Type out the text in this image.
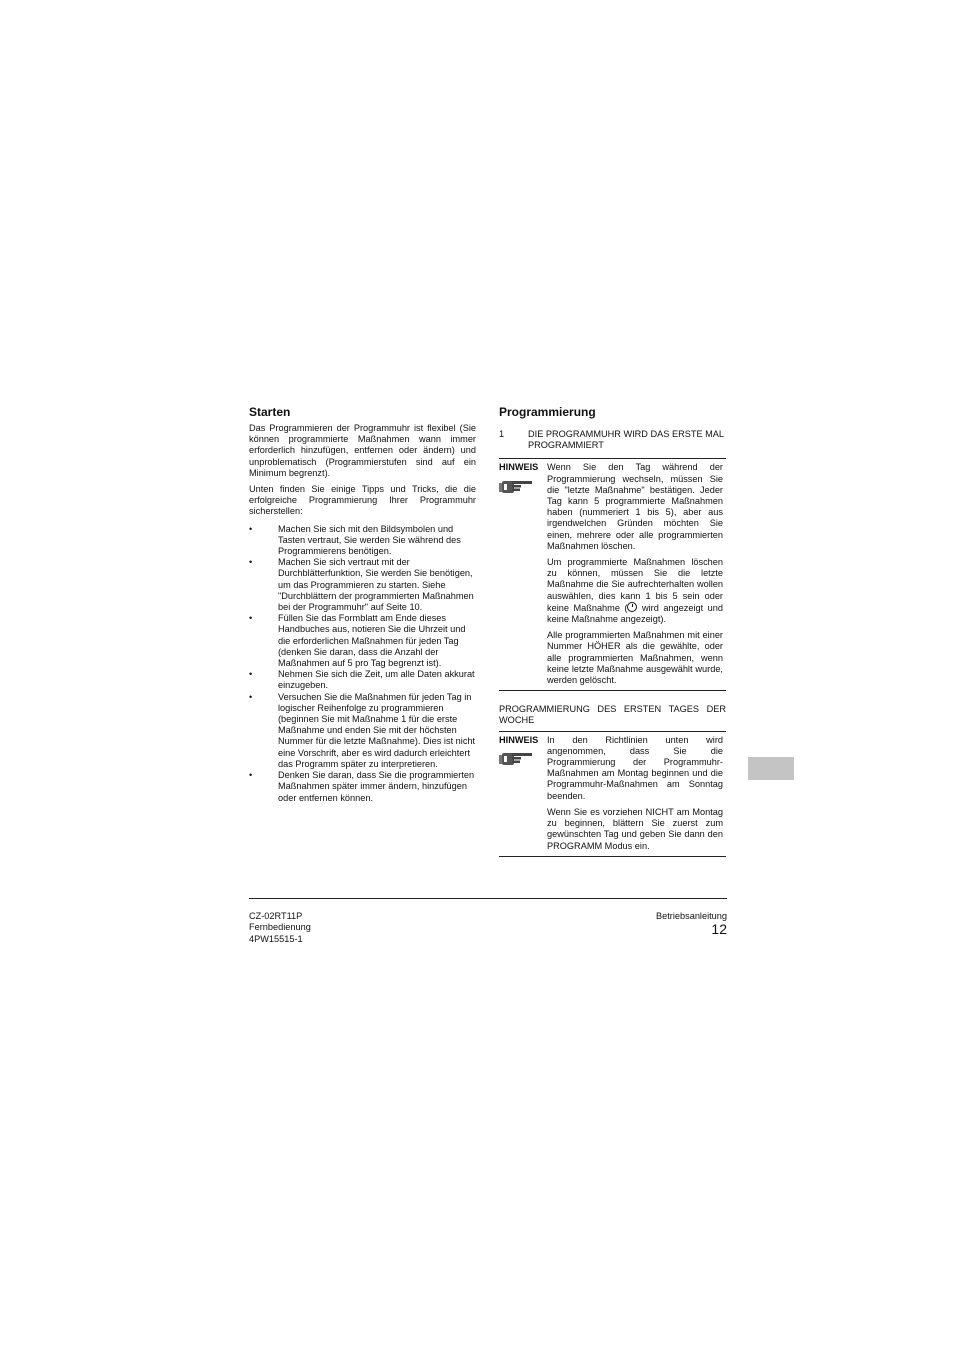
Starten

Das Programmieren der Programmuhr ist flexibel (Sie können programmierte Maßnahmen wann immer erforderlich hinzufügen, entfernen oder ändern) und unproblematisch (Programmierstufen sind auf ein Minimum begrenzt).

Unten finden Sie einige Tipps und Tricks, die die erfolgreiche Programmierung Ihrer Programmuhr sicherstellen:

•	Machen Sie sich mit den Bildsymbolen und Tasten vertraut, Sie werden Sie während des Programmierens benötigen.
•	Machen Sie sich vertraut mit der Durchblätterfunktion, Sie werden Sie benötigen, um das Programmieren zu starten. Siehe "Durchblättern der programmierten Maßnahmen bei der Programmuhr" auf Seite 10.
•	Füllen Sie das Formblatt am Ende dieses Handbuches aus, notieren Sie die Uhrzeit und die erforderlichen Maßnahmen für jeden Tag (denken Sie daran, dass die Anzahl der Maßnahmen auf 5 pro Tag begrenzt ist).
•	Nehmen Sie sich die Zeit, um alle Daten akkurat einzugeben.
•	Versuchen Sie die Maßnahmen für jeden Tag in logischer Reihenfolge zu programmieren (beginnen Sie mit Maßnahme 1 für die erste Maßnahme und enden Sie mit der höchsten Nummer für die letzte Maßnahme). Dies ist nicht eine Vorschrift, aber es wird dadurch erleichtert das Programm später zu interpretieren.
•	Denken Sie daran, dass Sie die programmierten Maßnahmen später immer ändern, hinzufügen oder entfernen können.
Programmierung
1	DIE PROGRAMMUHR WIRD DAS ERSTE MAL PROGRAMMIERT
HINWEIS Wenn Sie den Tag während der Programmierung wechseln, müssen Sie die "letzte Maßnahme" bestätigen. Jeder Tag kann 5 programmierte Maßnahmen haben (nummeriert 1 bis 5), aber aus irgendwelchen Gründen möchten Sie einen, mehrere oder alle programmierten Maßnahmen löschen.

Um programmierte Maßnahmen löschen zu können, müssen Sie die letzte Maßnahme die Sie aufrechterhalten wollen auswählen, dies kann 1 bis 5 sein oder keine Maßnahme ( wird angezeigt und keine Maßnahme angezeigt).

Alle programmierten Maßnahmen mit einer Nummer HÖHER als die gewählte, oder alle programmierten Maßnahmen, wenn keine letzte Maßnahme ausgewählt wurde, werden gelöscht.

PROGRAMMIERUNG DES ERSTEN TAGES DER WOCHE
HINWEIS In den Richtlinien unten wird angenommen, dass Sie die Programmierung der Programmuhr-Maßnahmen am Montag beginnen und die Programmuhr-Maßnahmen am Sonntag beenden.

Wenn Sie es vorziehen NICHT am Montag zu beginnen, blättern Sie zuerst zum gewünschten Tag und geben Sie dann den PROGRAMM Modus ein.

CZ-02RT11P
Fernbedienung
4PW15515-1
Betriebsanleitung
12
